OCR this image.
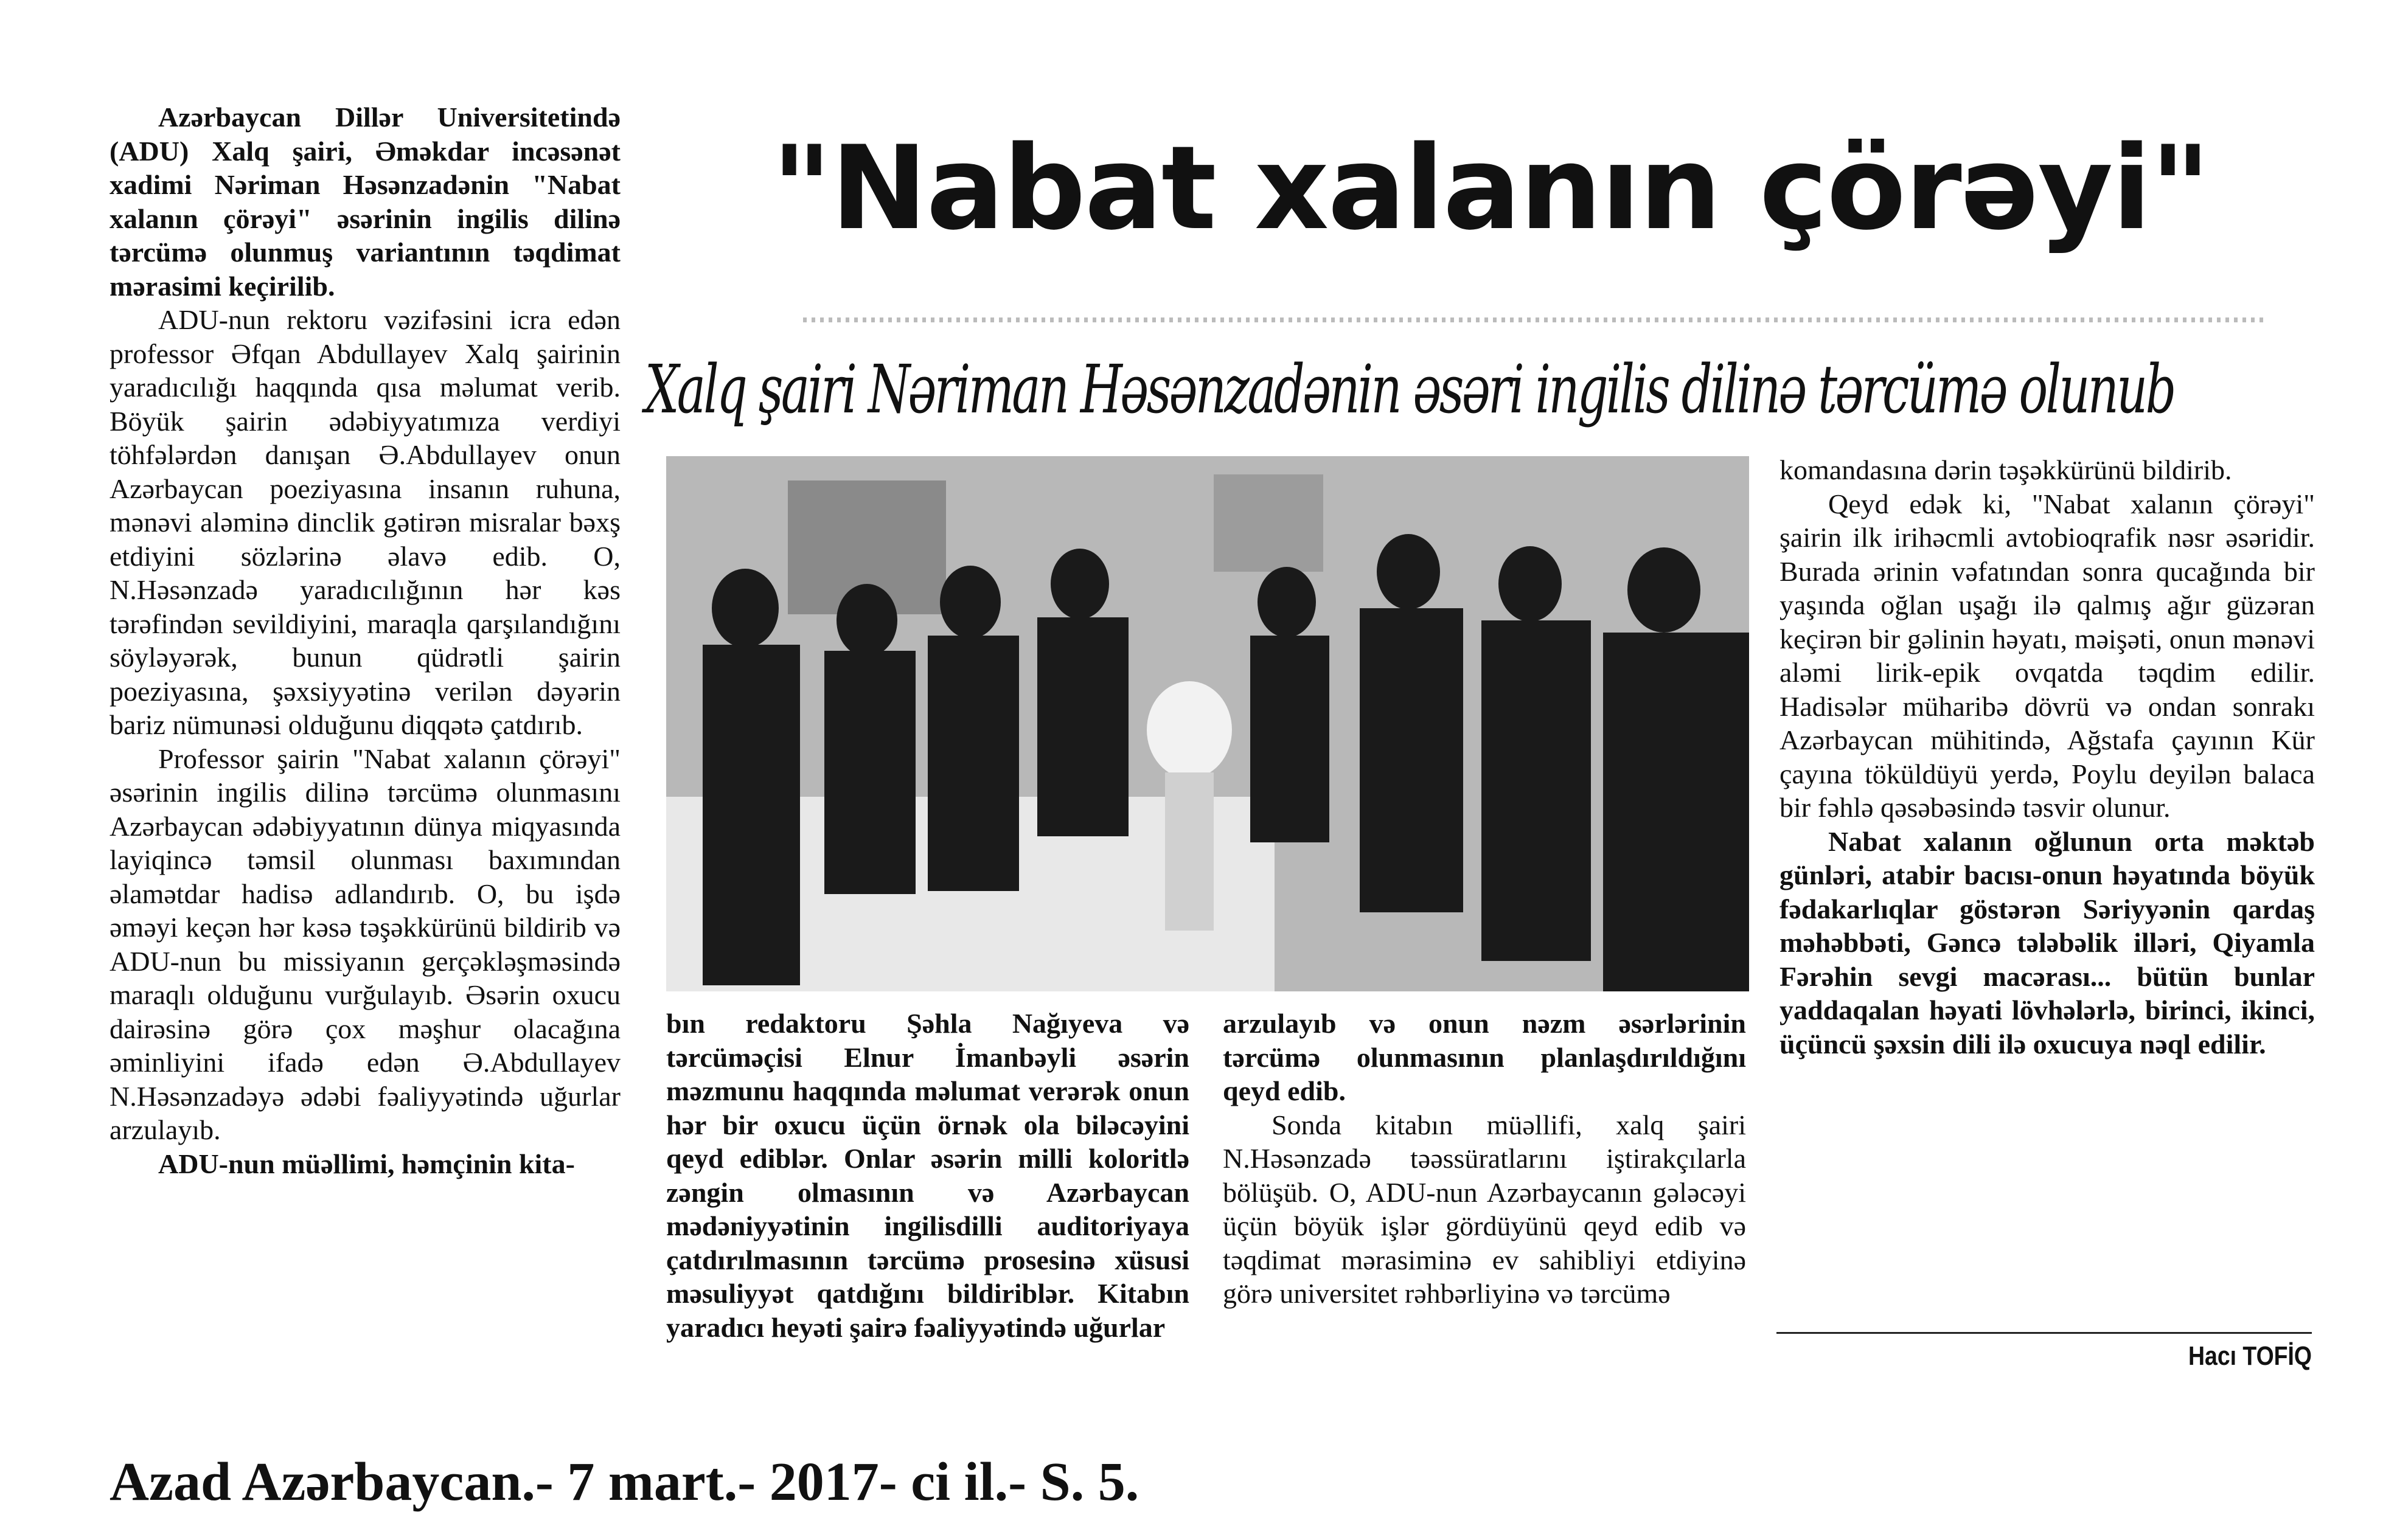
"Nabat xalanın çörəyi"
Xalq şairi Nəriman Həsənzadənin əsəri ingilis dilinə tərcümə olunub

Azərbaycan Dillər Universitetində (ADU) Xalq şairi, Əməkdar incəsənət xadimi Nəriman Həsənzadənin "Nabat xalanın çörəyi" əsərinin ingilis dilinə tərcümə olunmuş variantının təqdimat mərasimi keçirilib.

ADU-nun rektoru vəzifəsini icra edən professor Əfqan Abdullayev Xalq şairinin yaradıcılığı haqqında qısa məlumat verib. Böyük şairin ədəbiyyatımıza verdiyi töhfələrdən danışan Ə.Abdullayev onun Azərbaycan poeziyasına insanın ruhuna, mənəvi aləminə dinclik gətirən misralar bəxş etdiyini sözlərinə əlavə edib. O, N.Həsənzadə yaradıcılığının hər kəs tərəfindən sevildiyini, maraqla qarşılandığını söyləyərək, bunun qüdrətli şairin poeziyasına, şəxsiyyətinə verilən dəyərin bariz nümunəsi olduğunu diqqətə çatdırıb.

Professor şairin "Nabat xalanın çörəyi" əsərinin ingilis dilinə tərcümə olunmasını Azərbaycan ədəbiyyatının dünya miqyasında layiqincə təmsil olunması baxımından əlamətdar hadisə adlandırıb. O, bu işdə əməyi keçən hər kəsə təşəkkürünü bildirib və ADU-nun bu missiyanın gerçəkləşməsində maraqlı olduğunu vurğulayıb. Əsərin oxucu dairəsinə görə çox məşhur olacağına əminliyini ifadə edən Ə.Abdullayev N.Həsənzadəyə ədəbi fəaliyyətində uğurlar arzulayıb.

ADU-nun müəllimi, həmçinin kita-

bın redaktoru Şəhla Nağıyeva və tərcüməçisi Elnur İmanbəyli əsərin məzmunu haqqında məlumat verərək onun hər bir oxucu üçün örnək ola biləcəyini qeyd ediblər. Onlar əsərin milli koloritlə zəngin olmasının və Azərbaycan mədəniyyətinin ingilisdilli auditoriyaya çatdırılmasının tərcümə prosesinə xüsusi məsuliyyət qatdığını bildiriblər. Kitabın yaradıcı heyəti şairə fəaliyyətində uğurlar

arzulayıb və onun nəzm əsərlərinin tərcümə olunmasının planlaşdırıldığını qeyd edib.

Sonda kitabın müəllifi, xalq şairi N.Həsənzadə təəssüratlarını iştirakçılarla bölüşüb. O, ADU-nun Azərbaycanın gələcəyi üçün böyük işlər gördüyünü qeyd edib və təqdimat mərasiminə ev sahibliyi etdiyinə görə universitet rəhbərliyinə və tərcümə

komandasına dərin təşəkkürünü bildirib.

Qeyd edək ki, "Nabat xalanın çörəyi" şairin ilk irihəcmli avtobioqrafik nəsr əsəridir. Burada ərinin vəfatından sonra qucağında bir yaşında oğlan uşağı ilə qalmış ağır güzəran keçirən bir gəlinin həyatı, məişəti, onun mənəvi aləmi lirik-epik ovqatda təqdim edilir. Hadisələr müharibə dövrü və ondan sonrakı Azərbaycan mühitində, Ağstafa çayının Kür çayına töküldüyü yerdə, Poylu deyilən balaca bir fəhlə qəsəbəsində təsvir olunur.

Nabat xalanın oğlunun orta məktəb günləri, atabir bacısı-onun həyatında böyük fədakarlıqlar göstərən Səriyyənin qardaş məhəbbəti, Gəncə tələbəlik illəri, Qiyamla Fərəhin sevgi macərası... bütün bunlar yaddaqalan həyati lövhələrlə, birinci, ikinci, üçüncü şəxsin dili ilə oxucuya nəql edilir.

Hacı TOFİQ
Azad Azərbaycan.- 7 mart.- 2017- ci il.- S. 5.
